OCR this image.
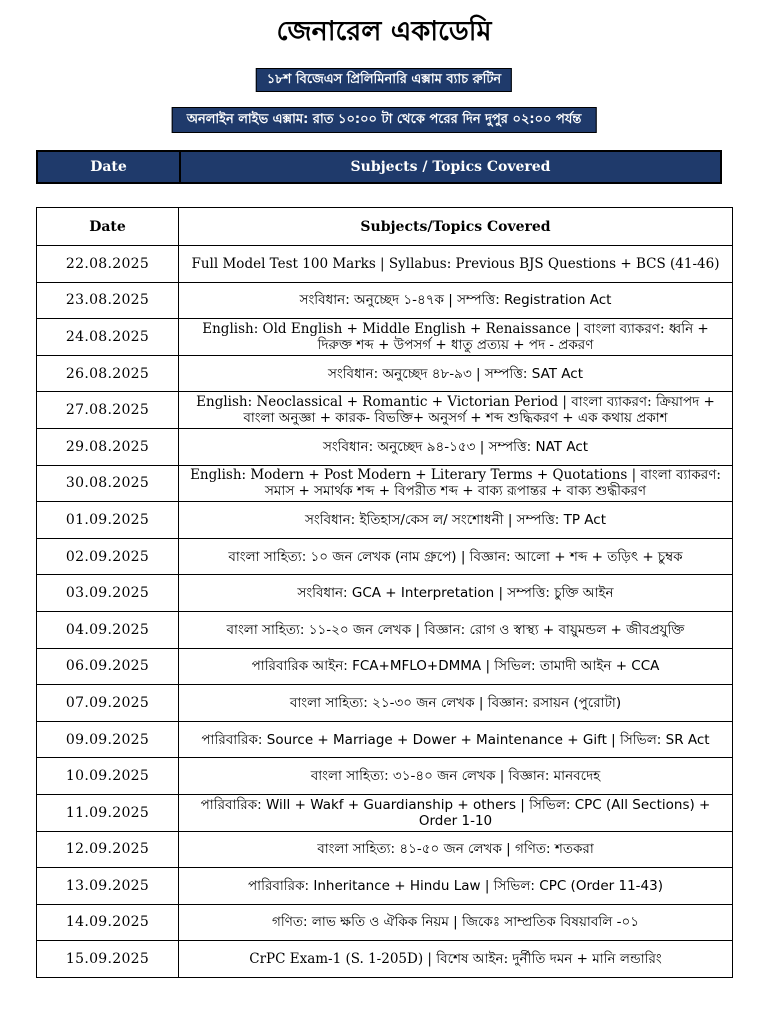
জেনারেল একাডেমি
১৮শ বিজেএস প্রিলিমিনারি এক্সাম ব্যাচ রুটিন
অনলাইন লাইভ এক্সাম: রাত ১০:০০ টা থেকে পরের দিন দুপুর ০২:০০ পর্যন্ত
Date	Subjects / Topics Covered
Date	Subjects/Topics Covered
22.08.2025	Full Model Test 100 Marks | Syllabus: Previous BJS Questions + BCS (41-46)
23.08.2025	সংবিধান: অনুচ্ছেদ ১-৪৭ক | সম্পত্তি: Registration Act
24.08.2025	English: Old English + Middle English + Renaissance | বাংলা ব্যাকরণ: ধ্বনি + দিরুক্ত শব্দ + উপসর্গ + ধাতু প্রত্যয় + পদ - প্রকরণ
26.08.2025	সংবিধান: অনুচ্ছেদ ৪৮-৯৩ | সম্পত্তি: SAT Act
27.08.2025	English: Neoclassical + Romantic + Victorian Period | বাংলা ব্যাকরণ: ক্রিয়াপদ + বাংলা অনুজ্ঞা + কারক- বিভক্তি+ অনুসর্গ + শব্দ শুদ্ধিকরণ + এক কথায় প্রকাশ
29.08.2025	সংবিধান: অনুচ্ছেদ ৯৪-১৫৩ | সম্পত্তি: NAT Act
30.08.2025	English: Modern + Post Modern + Literary Terms + Quotations | বাংলা ব্যাকরণ: সমাস + সমার্থক শব্দ + বিপরীত শব্দ + বাক্য রূপান্তর + বাক্য শুদ্ধীকরণ
01.09.2025	সংবিধান: ইতিহাস/কেস ল/ সংশোধনী | সম্পত্তি: TP Act
02.09.2025	বাংলা সাহিত্য: ১০ জন লেখক (নাম গ্রুপে) | বিজ্ঞান: আলো + শব্দ + তড়িৎ + চুম্বক
03.09.2025	সংবিধান: GCA + Interpretation | সম্পত্তি: চুক্তি আইন
04.09.2025	বাংলা সাহিত্য: ১১-২০ জন লেখক | বিজ্ঞান: রোগ ও স্বাস্থ্য + বায়ুমন্ডল + জীবপ্রযুক্তি
06.09.2025	পারিবারিক আইন: FCA+MFLO+DMMA | সিভিল: তামাদী আইন + CCA
07.09.2025	বাংলা সাহিত্য: ২১-৩০ জন লেখক | বিজ্ঞান: রসায়ন (পুরোটা)
09.09.2025	পারিবারিক: Source + Marriage + Dower + Maintenance + Gift | সিভিল: SR Act
10.09.2025	বাংলা সাহিত্য: ৩১-৪০ জন লেখক | বিজ্ঞান: মানবদেহ
11.09.2025	পারিবারিক: Will + Wakf + Guardianship + others | সিভিল: CPC (All Sections) + Order 1-10
12.09.2025	বাংলা সাহিত্য: ৪১-৫০ জন লেখক | গণিত: শতকরা
13.09.2025	পারিবারিক: Inheritance + Hindu Law | সিভিল: CPC (Order 11-43)
14.09.2025	গণিত: লাভ ক্ষতি ও ঐকিক নিয়ম | জিকেঃ সাম্প্রতিক বিষয়াবলি -০১
15.09.2025	CrPC Exam-1 (S. 1-205D) | বিশেষ আইন: দুর্নীতি দমন + মানি লন্ডারিং
